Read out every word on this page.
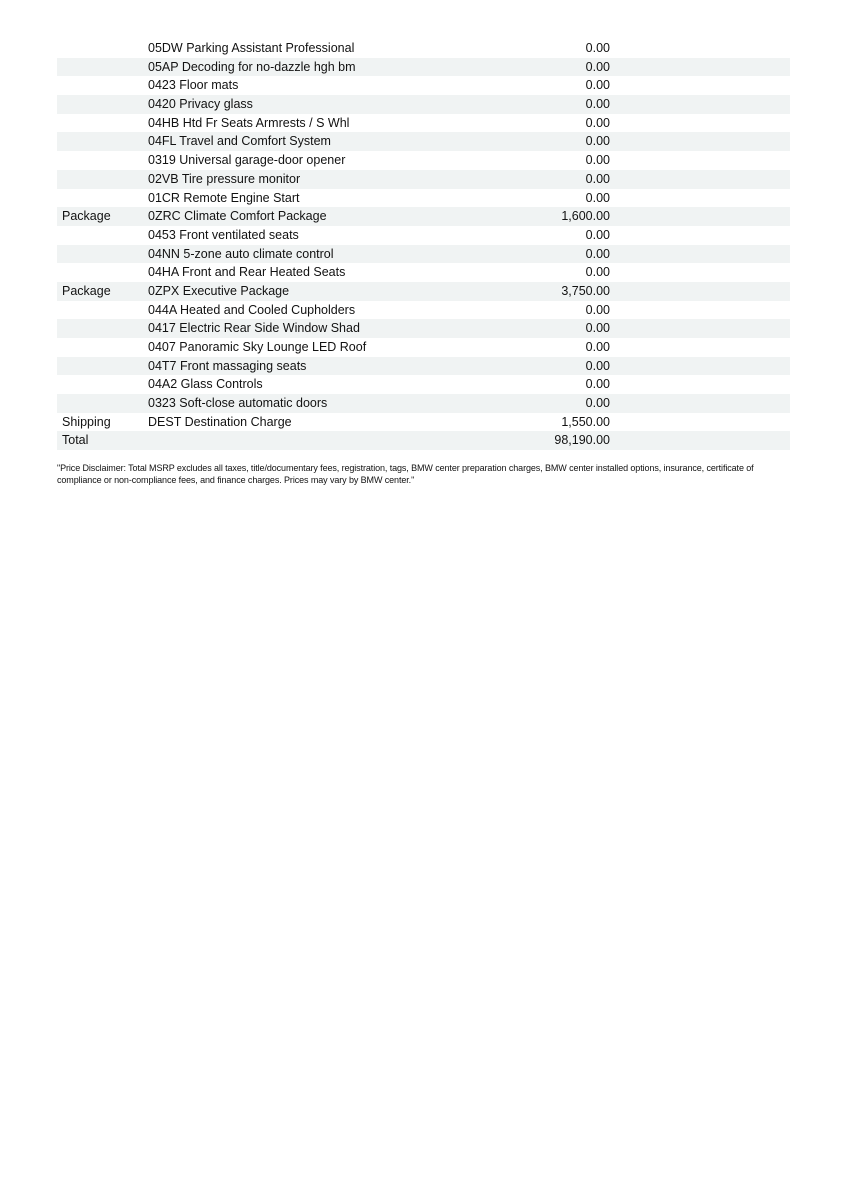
05DW Parking Assistant Professional	0.00
05AP Decoding for no-dazzle hgh bm	0.00
0423 Floor mats	0.00
0420 Privacy glass	0.00
04HB Htd Fr Seats Armrests / S Whl	0.00
04FL Travel and Comfort System	0.00
0319 Universal garage-door opener	0.00
02VB Tire pressure monitor	0.00
01CR Remote Engine Start	0.00
Package	0ZRC Climate Comfort Package	1,600.00
0453 Front ventilated seats	0.00
04NN 5-zone auto climate control	0.00
04HA Front and Rear Heated Seats	0.00
Package	0ZPX Executive Package	3,750.00
044A Heated and Cooled Cupholders	0.00
0417 Electric Rear Side Window Shad	0.00
0407 Panoramic Sky Lounge LED Roof	0.00
04T7 Front massaging seats	0.00
04A2 Glass Controls	0.00
0323 Soft-close automatic doors	0.00
Shipping	DEST Destination Charge	1,550.00
Total	98,190.00
"Price Disclaimer: Total MSRP excludes all taxes, title/documentary fees, registration, tags, BMW center preparation charges, BMW center installed options, insurance, certificate of
compliance or non-compliance fees, and finance charges. Prices may vary by BMW center."
